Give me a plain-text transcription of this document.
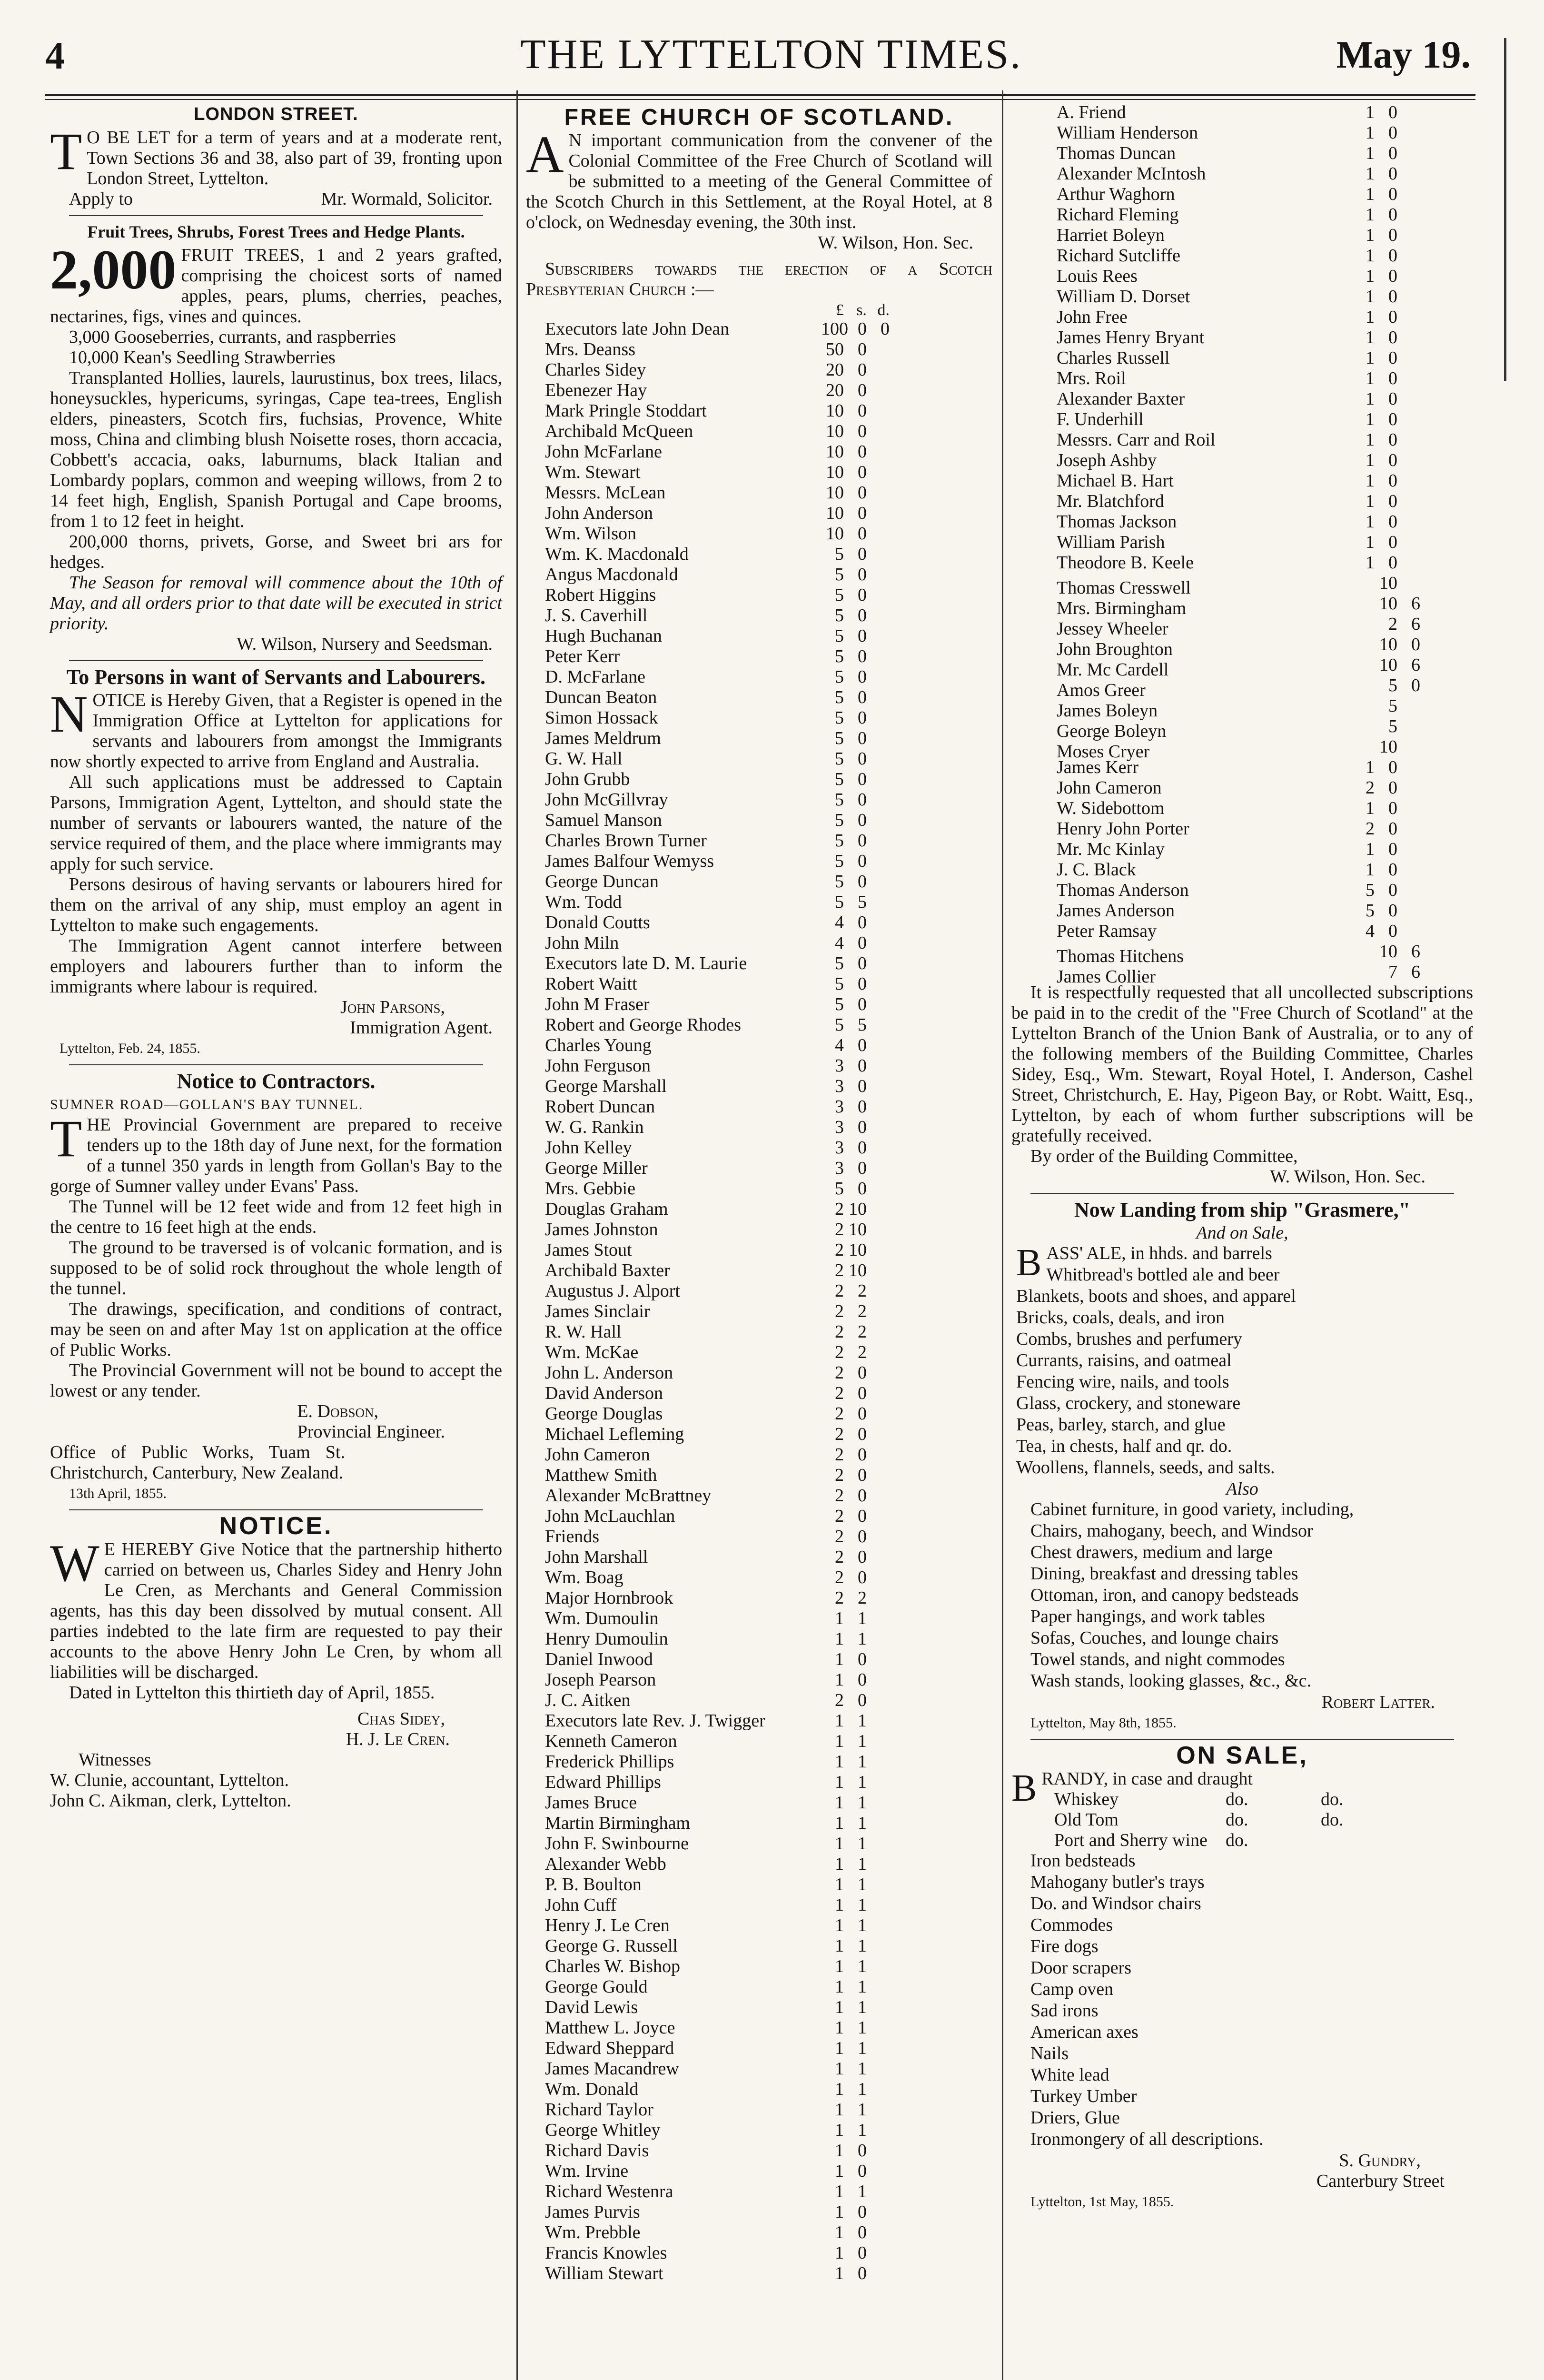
4	THE LYTTELTON TIMES.	May 19.
LONDON STREET.

T O BE LET for a term of years and at a moderate rent, Town Sections 36 and 38, also part of 39, fronting upon London Street, Lyttelton.

Apply to	Mr. Wormald, Solicitor.

Fruit Trees, Shrubs, Forest Trees and Hedge Plants.

2,000 FRUIT TREES, 1 and 2 years grafted, comprising the choicest sorts of named apples, pears, plums, cherries, peaches, nectarines, figs, vines and quinces.

3,000 Gooseberries, currants, and raspberries

10,000 Kean's Seedling Strawberries

Transplanted Hollies, laurels, laurustinus, box trees, lilacs, honeysuckles, hypericums, syringas, Cape tea-trees, English elders, pineasters, Scotch firs, fuchsias, Provence, White moss, China and climbing blush Noisette roses, thorn accacia, Cobbett's accacia, oaks, laburnums, black Italian and Lombardy poplars, common and weeping willows, from 2 to 14 feet high, English, Spanish Portugal and Cape brooms, from 1 to 12 feet in height.

200,000 thorns, privets, Gorse, and Sweet bri ars for hedges.

The Season for removal will commence about the 10th of May, and all orders prior to that date will be executed in strict priority.

W. Wilson, Nursery and Seedsman.

To Persons in want of Servants and Labourers.

NOTICE is Hereby Given, that a Register is opened in the Immigration Office at Lyttelton for applications for servants and labourers from amongst the Immigrants now shortly expected to arrive from England and Australia.

All such applications must be addressed to Captain Parsons, Immigration Agent, Lyttelton, and should state the number of servants or labourers wanted, the nature of the service required of them, and the place where immigrants may apply for such service.

Persons desirous of having servants or labourers hired for them on the arrival of any ship, must employ an agent in Lyttelton to make such engagements.

The Immigration Agent cannot interfere between employers and labourers further than to inform the immigrants where labour is required.

John Parsons,

Immigration Agent.

Lyttelton, Feb. 24, 1855.

Notice to Contractors.

SUMNER ROAD—GOLLAN'S BAY TUNNEL.

THE Provincial Government are prepared to receive tenders up to the 18th day of June next, for the formation of a tunnel 350 yards in length from Gollan's Bay to the gorge of Sumner valley under Evans' Pass.

The Tunnel will be 12 feet wide and from 12 feet high in the centre to 16 feet high at the ends.

The ground to be traversed is of volcanic formation, and is supposed to be of solid rock throughout the whole length of the tunnel.

The drawings, specification, and conditions of contract, may be seen on and after May 1st on application at the office of Public Works.

The Provincial Government will not be bound to accept the lowest or any tender.

E. Dobson,

Provincial Engineer.

Office of Public Works, Tuam St. Christchurch, Canterbury, New Zealand.

13th April, 1855.

NOTICE.

W E HEREBY Give Notice that the partnership hitherto carried on between us, Charles Sidey and Henry John Le Cren, as Merchants and General Commission agents, has this day been dissolved by mutual consent. All parties indebted to the late firm are requested to pay their accounts to the above Henry John Le Cren, by whom all liabilities will be discharged.

Dated in Lyttelton this thirtieth day of April, 1855.

Chas Sidey,

H. J. Le Cren.

Witnesses

W. Clunie, accountant, Lyttelton.

John C. Aikman, clerk, Lyttelton.

FREE CHURCH OF SCOTLAND.

A N important communication from the convener of the Colonial Committee of the Free Church of Scotland will be submitted to a meeting of the General Committee of the Scotch Church in this Settlement, at the Royal Hotel, at 8 o'clock, on Wednesday evening, the 30th inst.

W. Wilson, Hon. Sec.

Subscribers towards the erection of a Scotch Presbyterian Church :—

£ s. d.
Executors late John Dean	100 0 0
Mrs. Deanss	50 0
Charles Sidey	20 0
Ebenezer Hay	20 0
Mark Pringle Stoddart	10 0
Archibald McQueen	10 0
John McFarlane	10 0
Wm. Stewart	10 0
Messrs. McLean	10 0
John Anderson	10 0
Wm. Wilson	10 0
Wm. K. Macdonald	5 0
Angus Macdonald	5 0
Robert Higgins	5 0
J. S. Caverhill	5 0
Hugh Buchanan	5 0
Peter Kerr	5 0
D. McFarlane	5 0
Duncan Beaton	5 0
Simon Hossack	5 0
James Meldrum	5 0
G. W. Hall	5 0
John Grubb	5 0
John McGillvray	5 0
Samuel Manson	5 0
Charles Brown Turner	5 0
James Balfour Wemyss	5 0
George Duncan	5 0
Wm. Todd	5 5
Donald Coutts	4 0
John Miln	4 0
Executors late D. M. Laurie	5 0
Robert Waitt	5 0
John M Fraser	5 0
Robert and George Rhodes	5 5
Charles Young	4 0
John Ferguson	3 0
George Marshall	3 0
Robert Duncan	3 0
W. G. Rankin	3 0
John Kelley	3 0
George Miller	3 0
Mrs. Gebbie	5 0
Douglas Graham	2 10
James Johnston	2 10
James Stout	2 10
Archibald Baxter	2 10
Augustus J. Alport	2 2
James Sinclair	2 2
R. W. Hall	2 2
Wm. McKae	2 2
John L. Anderson	2 0
David Anderson	2 0
George Douglas	2 0
Michael Lefleming	2 0
John Cameron	2 0
Matthew Smith	2 0
Alexander McBrattney	2 0
John McLauchlan	2 0
Friends	2 0
John Marshall	2 0
Wm. Boag	2 0
Major Hornbrook	2 2
Wm. Dumoulin	1 1
Henry Dumoulin	1 1
Daniel Inwood	1 0
Joseph Pearson	1 0
J. C. Aitken	2 0
Executors late Rev. J. Twigger	1 1
Kenneth Cameron	1 1
Frederick Phillips	1 1
Edward Phillips	1 1
James Bruce	1 1
Martin Birmingham	1 1
John F. Swinbourne	1 1
Alexander Webb	1 1
P. B. Boulton	1 1
John Cuff	1 1
Henry J. Le Cren	1 1
George G. Russell	1 1
Charles W. Bishop	1 1
George Gould	1 1
David Lewis	1 1
Matthew L. Joyce	1 1
Edward Sheppard	1 1
James Macandrew	1 1
Wm. Donald	1 1
Richard Taylor	1 1
George Whitley	1 1
Richard Davis	1 0
Wm. Irvine	1 0
Richard Westenra	1 1
James Purvis	1 0
Wm. Prebble	1 0
Francis Knowles	1 0
William Stewart	1 0
A. Friend	1 0
William Henderson	1 0
Thomas Duncan	1 0
Alexander McIntosh	1 0
Arthur Waghorn	1 0
Richard Fleming	1 0
Harriet Boleyn	1 0
Richard Sutcliffe	1 0
Louis Rees	1 0
William D. Dorset	1 0
John Free	1 0
James Henry Bryant	1 0
Charles Russell	1 0
Mrs. Roil	1 0
Alexander Baxter	1 0
F. Underhill	1 0
Messrs. Carr and Roil	1 0
Joseph Ashby	1 0
Michael B. Hart	1 0
Mr. Blatchford	1 0
Thomas Jackson	1 0
William Parish	1 0
Theodore B. Keele	1 0
Thomas Cresswell	10
Mrs. Birmingham	10 6
Jessey Wheeler	2 6
John Broughton	10 0
Mr. Mc Cardell	10 6
Amos Greer	5 0
James Boleyn	5
George Boleyn	5
Moses Cryer	10
James Kerr	1 0
John Cameron	2 0
W. Sidebottom	1 0
Henry John Porter	2 0
Mr. Mc Kinlay	1 0
J. C. Black	1 0
Thomas Anderson	5 0
James Anderson	5 0
Peter Ramsay	4 0
Thomas Hitchens	10 6
James Collier	7 6

It is respectfully requested that all uncollected subscriptions be paid in to the credit of the "Free Church of Scotland" at the Lyttelton Branch of the Union Bank of Australia, or to any of the following members of the Building Committee, Charles Sidey, Esq., Wm. Stewart, Royal Hotel, I. Anderson, Cashel Street, Christchurch, E. Hay, Pigeon Bay, or Robt. Waitt, Esq., Lyttelton, by each of whom further subscriptions will be gratefully received.

By order of the Building Committee,

W. Wilson, Hon. Sec.

Now Landing from ship "Grasmere,"

And on Sale,

B ASS' ALE, in hhds. and barrels
Whitbread's bottled ale and beer
Blankets, boots and shoes, and apparel
Bricks, coals, deals, and iron
Combs, brushes and perfumery
Currants, raisins, and oatmeal
Fencing wire, nails, and tools
Glass, crockery, and stoneware
Peas, barley, starch, and glue
Tea, in chests, half and qr. do.
Woollens, flannels, seeds, and salts.

Also

Cabinet furniture, in good variety, including,
Chairs, mahogany, beech, and Windsor
Chest drawers, medium and large
Dining, breakfast and dressing tables
Ottoman, iron, and canopy bedsteads
Paper hangings, and work tables
Sofas, Couches, and lounge chairs
Towel stands, and night commodes
Wash stands, looking glasses, &c., &c.

Robert Latter.

Lyttelton, May 8th, 1855.

ON SALE,

BRANDY, in case and draught

Whiskey	do.	do.
Old Tom	do.	do.
Port and Sherry wine	do.
Iron bedsteads
Mahogany butler's trays
Do. and Windsor chairs
Commodes
Fire dogs
Door scrapers
Camp oven
Sad irons
American axes
Nails
White lead
Turkey Umber
Driers, Glue
Ironmongery of all descriptions.

S. Gundry,

Canterbury Street

Lyttelton, 1st May, 1855.
